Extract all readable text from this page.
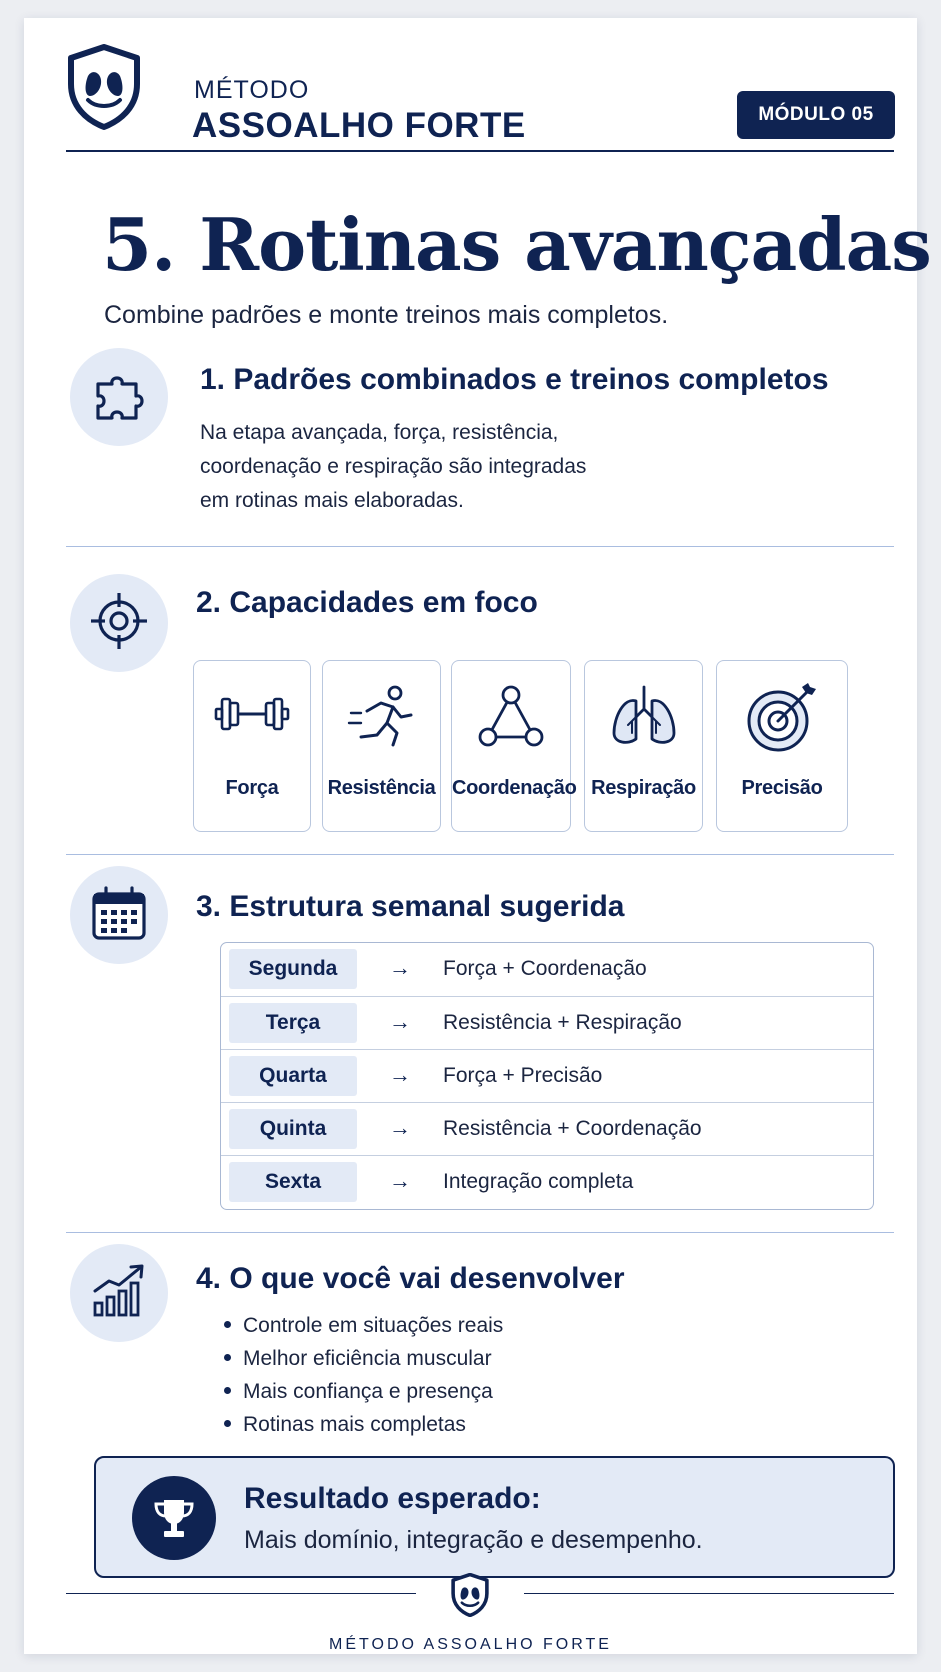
MÉTODO
ASSOALHO FORTE	MÓDULO 05
5. Rotinas avançadas
Combine padrões e monte treinos mais completos.
1. Padrões combinados e treinos completos
Na etapa avançada, força, resistência,
coordenação e respiração são integradas
em rotinas mais elaboradas.
2. Capacidades em foco
Força	Resistência Coordenação Respiração	Precisão
3. Estrutura semanal sugerida
Segunda	→ Força + Coordenação
Terça	→ Resistência + Respiração
Quarta	→ Força + Precisão
Quinta	→ Resistência + Coordenação
Sexta	→ Integração completa
4. O que você vai desenvolver
Controle em situações reais
Melhor eficiência muscular
Mais confiança e presença
Rotinas mais completas
Resultado esperado:
Mais domínio, integração e desempenho.
MÉTODO ASSOALHO FORTE
